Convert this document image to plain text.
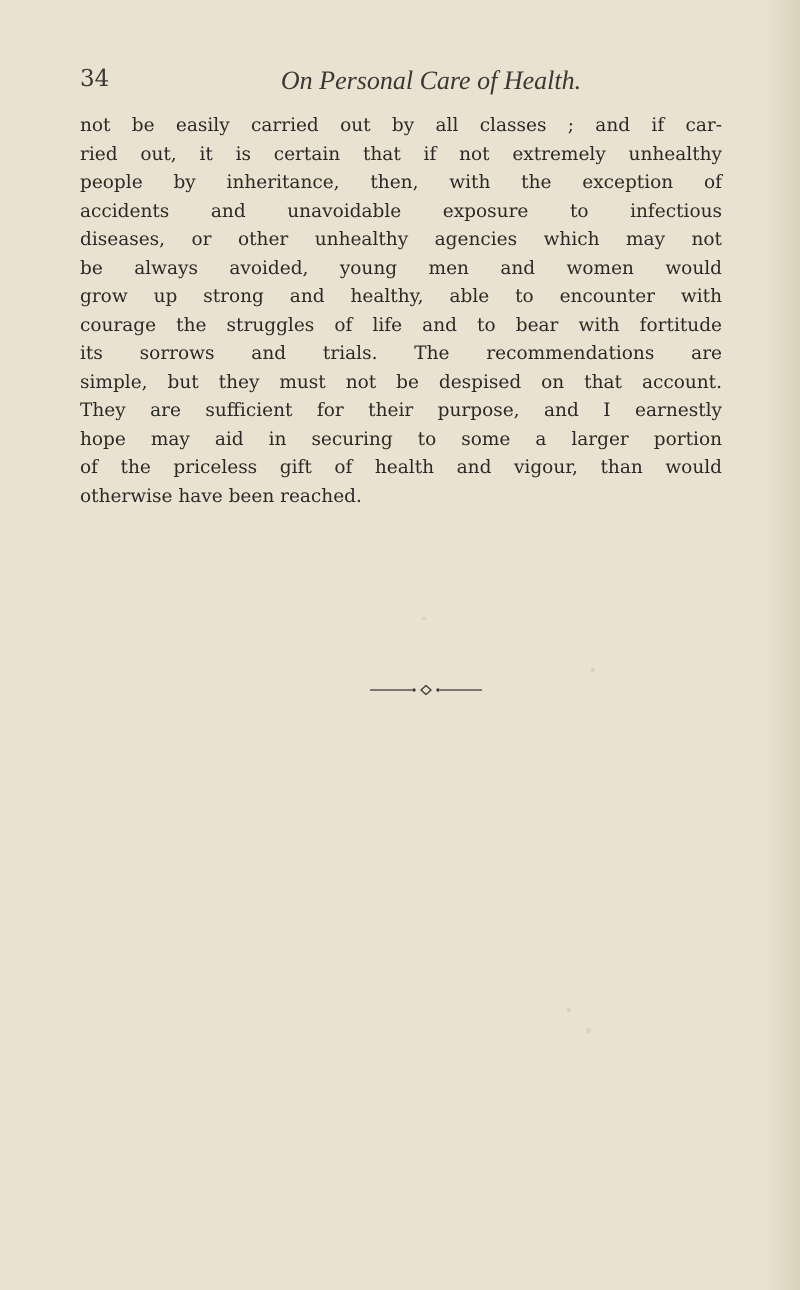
34	On Personal Care of Health.

not be easily carried out by all classes ; and if car-
ried out, it is certain that if not extremely unhealthy
people by inheritance, then, with the exception of
accidents and unavoidable exposure to infectious
diseases, or other unhealthy agencies which may not
be always avoided, young men and women would
grow up strong and healthy, able to encounter with
courage the struggles of life and to bear with fortitude
its sorrows and trials. The recommendations are
simple, but they must not be despised on that account.
They are sufficient for their purpose, and I earnestly
hope may aid in securing to some a larger portion
of the priceless gift of health and vigour, than would
otherwise have been reached.
